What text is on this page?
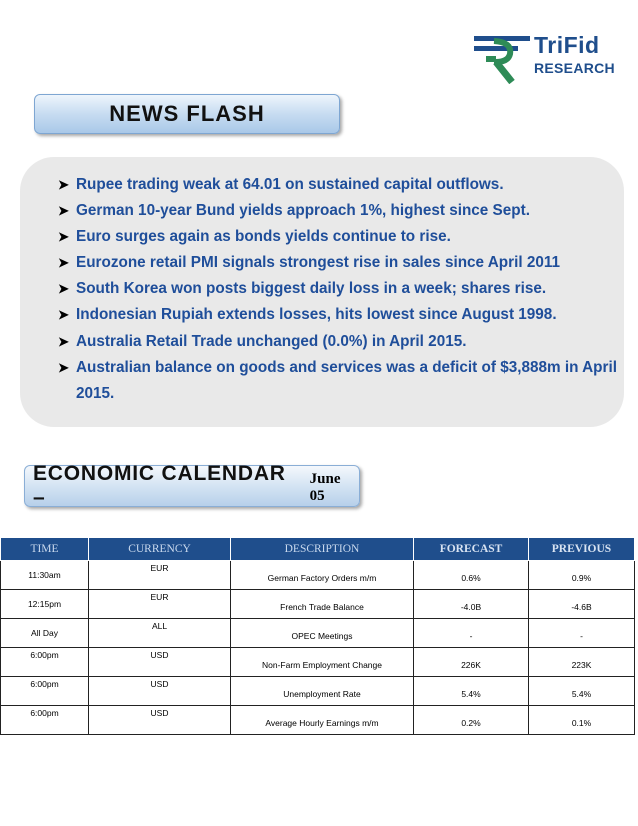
TriFid
RESEARCH
NEWS FLASH
➤ Rupee trading weak at 64.01 on sustained capital outflows.
➤ German 10-year Bund yields approach 1%, highest since Sept.
➤ Euro surges again as bonds yields continue to rise.
➤ Eurozone retail PMI signals strongest rise in sales since April 2011
➤ South Korea won posts biggest daily loss in a week; shares rise.
➤ Indonesian Rupiah extends losses, hits lowest since August 1998.
➤ Australia Retail Trade unchanged (0.0%) in April 2015.
➤ Australian balance on goods and services was a deficit of $3,888m in April 2015.
ECONOMIC CALENDAR –
June 05
TIME	CURRENCY	DESCRIPTION	FORECAST	PREVIOUS
11:30am	EUR	German Factory Orders m/m	0.6%	0.9%
12:15pm	EUR	French Trade Balance	-4.0B	-4.6B
All Day	ALL	OPEC Meetings	-	-
6:00pm	USD	Non-Farm Employment Change	226K	223K
6:00pm	USD	Unemployment Rate	5.4%	5.4%
6:00pm	USD	Average Hourly Earnings m/m	0.2%	0.1%
